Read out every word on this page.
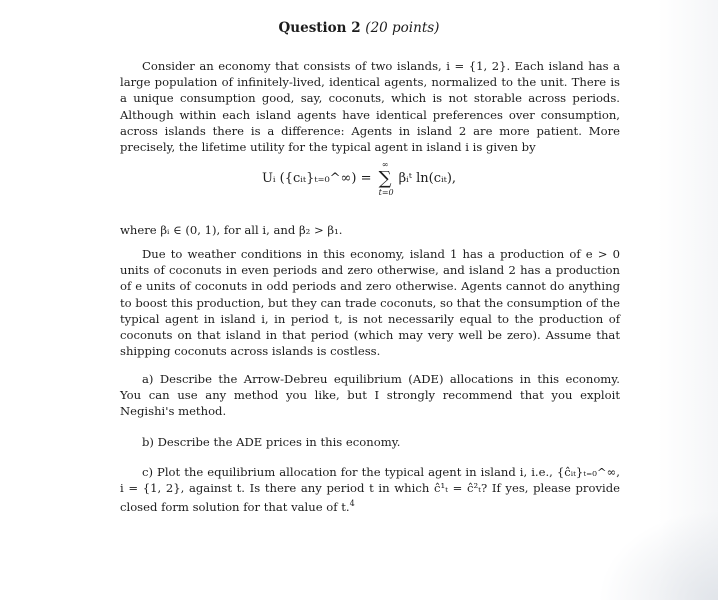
Question 2 (20 points)

Consider an economy that consists of two islands, i = {1, 2}. Each island has a large population of infinitely-lived, identical agents, normalized to the unit. There is a unique consumption good, say, coconuts, which is not storable across periods. Although within each island agents have identical preferences over consumption, across islands there is a difference: Agents in island 2 are more patient. More precisely, the lifetime utility for the typical agent in island i is given by

Uᵢ ({cᵢₜ}ₜ₌₀^∞) =
∞
∑
t=0
βᵢᵗ ln(cᵢₜ),

where βᵢ ∈ (0, 1), for all i, and β₂ > β₁.

Due to weather conditions in this economy, island 1 has a production of e > 0 units of coconuts in even periods and zero otherwise, and island 2 has a production of e units of coconuts in odd periods and zero otherwise. Agents cannot do anything to boost this production, but they can trade coconuts, so that the consumption of the typical agent in island i, in period t, is not necessarily equal to the production of coconuts on that island in that period (which may very well be zero). Assume that shipping coconuts across islands is costless.

a) Describe the Arrow-Debreu equilibrium (ADE) allocations in this economy. You can use any method you like, but I strongly recommend that you exploit Negishi's method.

b) Describe the ADE prices in this economy.

c) Plot the equilibrium allocation for the typical agent in island i, i.e., {ĉᵢₜ}ₜ₌₀^∞, i = {1, 2}, against t. Is there any period t in which ĉ¹ₜ = ĉ²ₜ? If yes, please provide closed form solution for that value of t.$^4$
